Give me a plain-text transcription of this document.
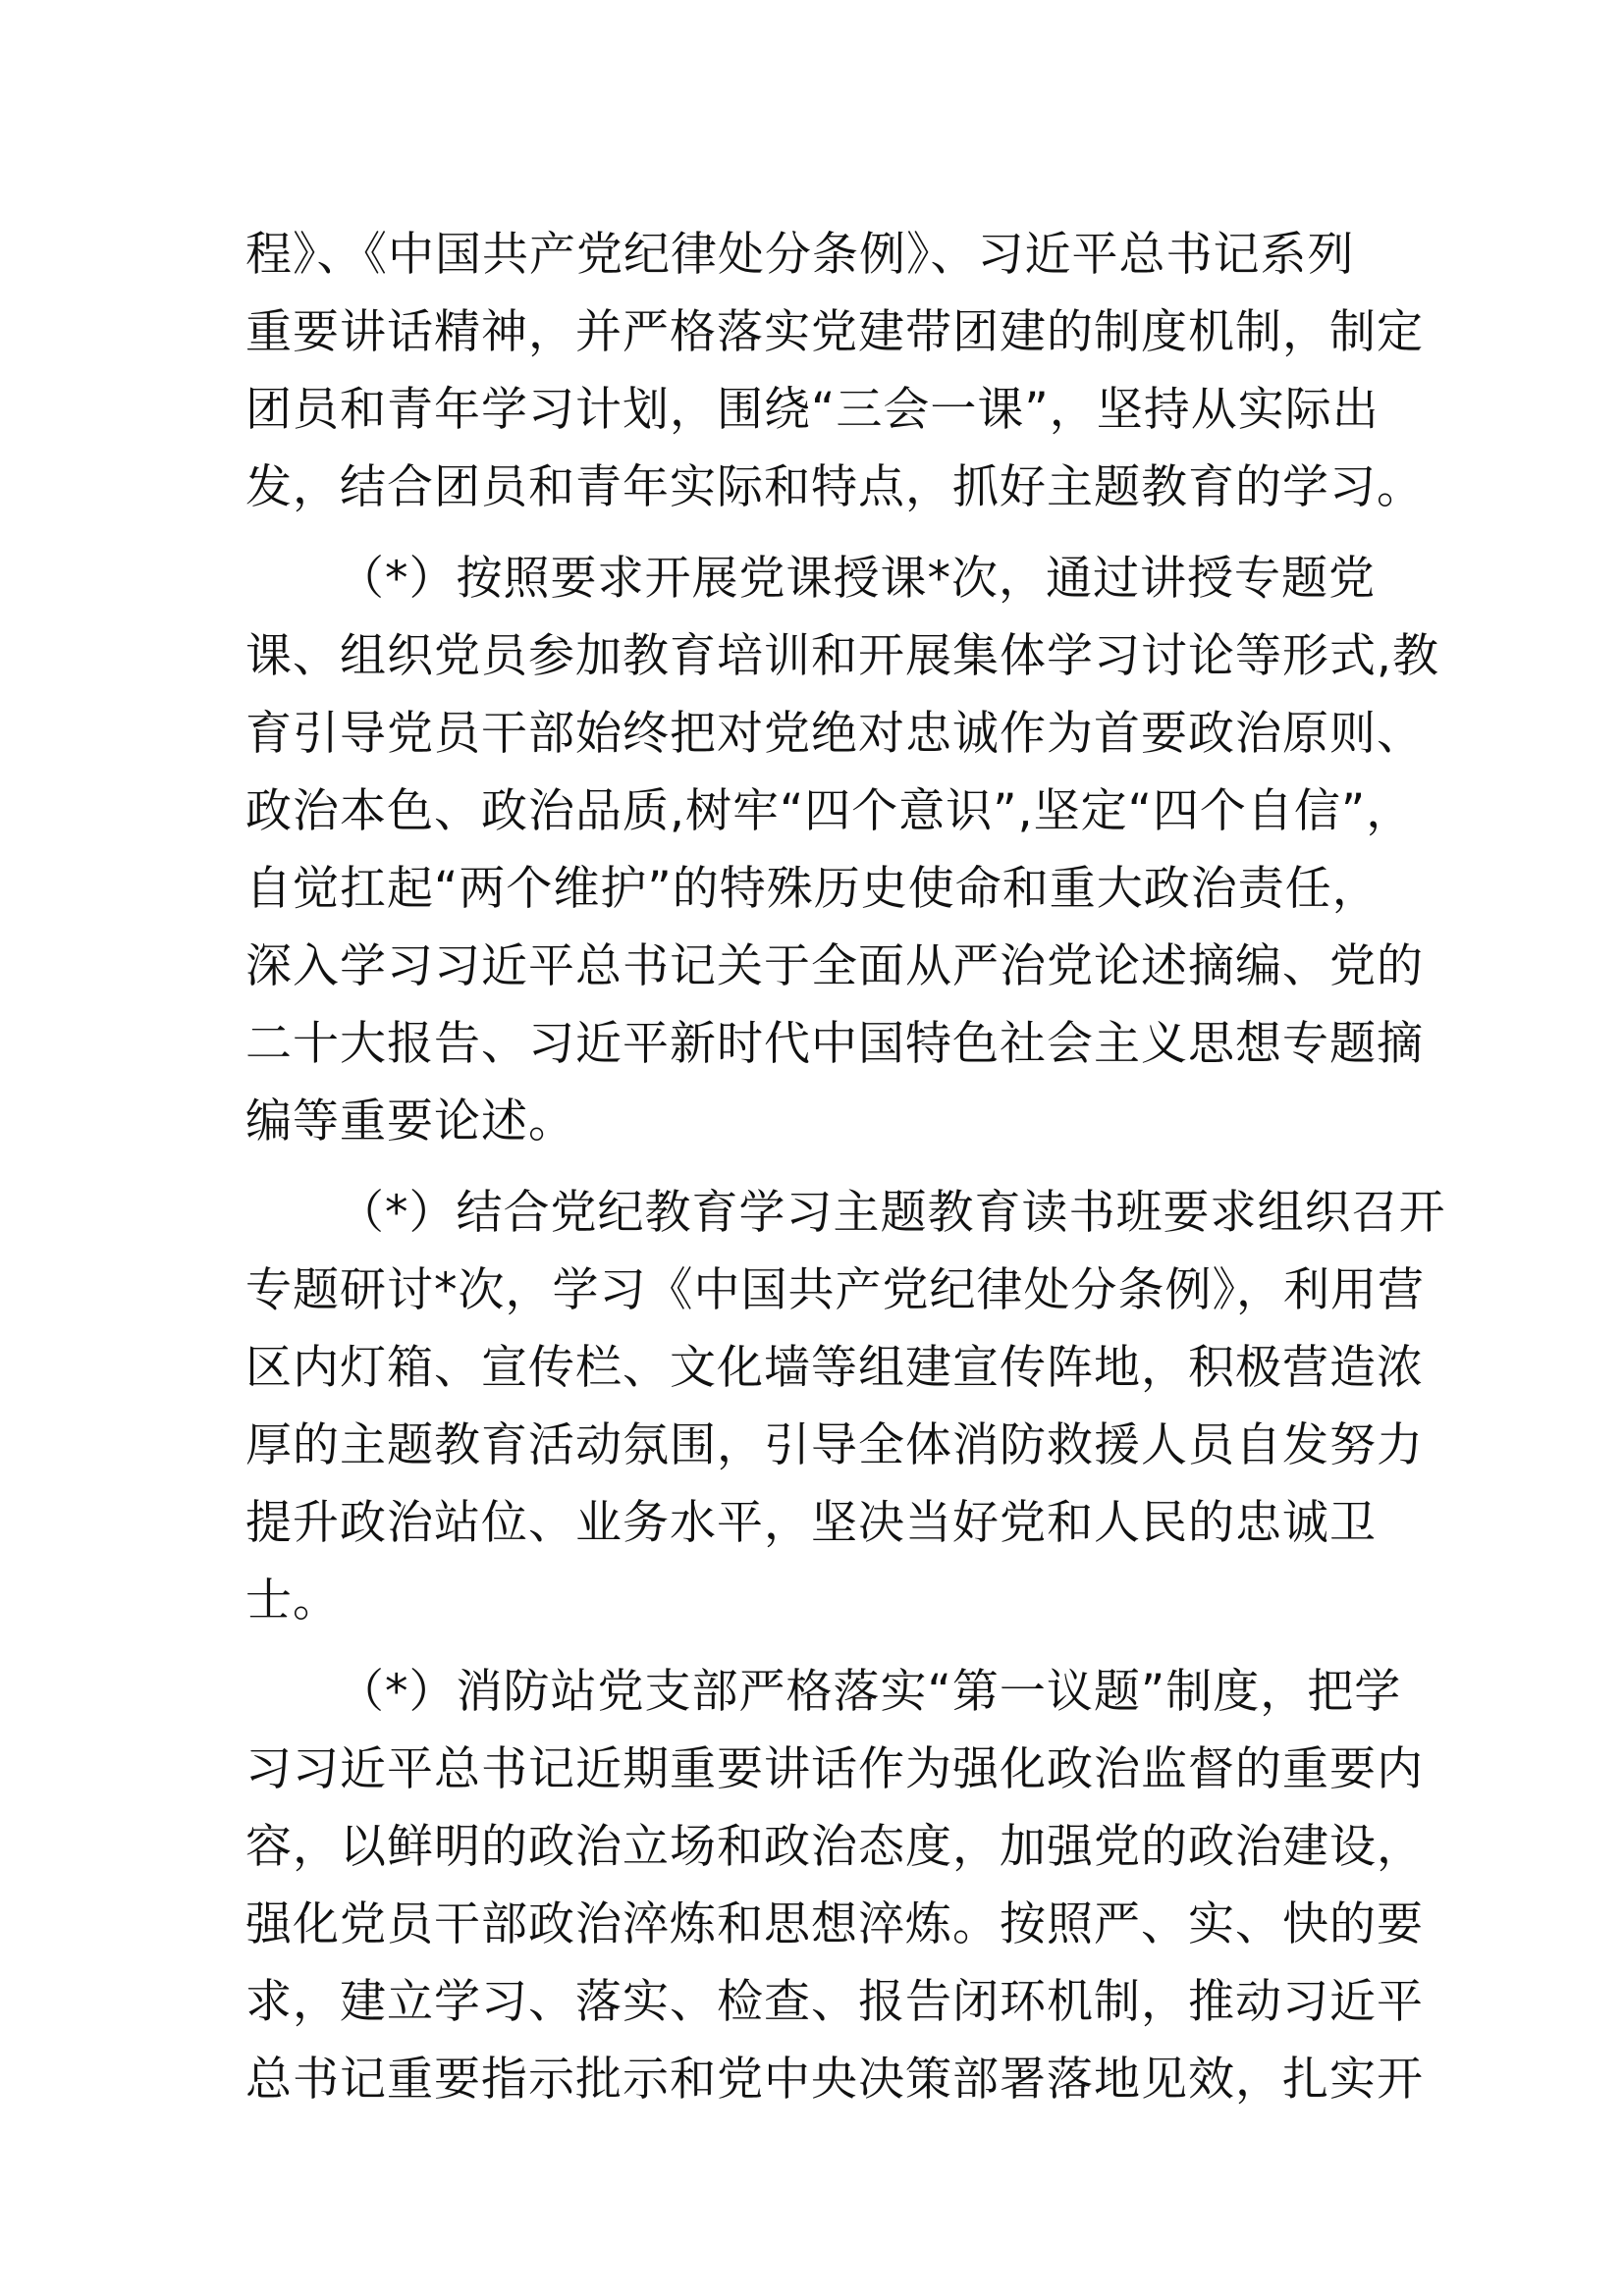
程》、《中国共产党纪律处分条例》、习近平总书记系列
重要讲话精神，并严格落实党建带团建的制度机制，制定
团员和青年学习计划，围绕“三会一课”，坚持从实际出
发，结合团员和青年实际和特点，抓好主题教育的学习。
（*）按照要求开展党课授课*次，通过讲授专题党
课、组织党员参加教育培训和开展集体学习讨论等形式,教
育引导党员干部始终把对党绝对忠诚作为首要政治原则、
政治本色、政治品质,树牢“四个意识”,坚定“四个自信”，
自觉扛起“两个维护”的特殊历史使命和重大政治责任，
深入学习习近平总书记关于全面从严治党论述摘编、党的
二十大报告、习近平新时代中国特色社会主义思想专题摘
编等重要论述。
（*）结合党纪教育学习主题教育读书班要求组织召开
专题研讨*次，学习《中国共产党纪律处分条例》，利用营
区内灯箱、宣传栏、文化墙等组建宣传阵地，积极营造浓
厚的主题教育活动氛围，引导全体消防救援人员自发努力
提升政治站位、业务水平，坚决当好党和人民的忠诚卫
士。
（*）消防站党支部严格落实“第一议题”制度，把学
习习近平总书记近期重要讲话作为强化政治监督的重要内
容，以鲜明的政治立场和政治态度，加强党的政治建设，
强化党员干部政治淬炼和思想淬炼。按照严、实、快的要
求，建立学习、落实、检查、报告闭环机制，推动习近平
总书记重要指示批示和党中央决策部署落地见效，扎实开
